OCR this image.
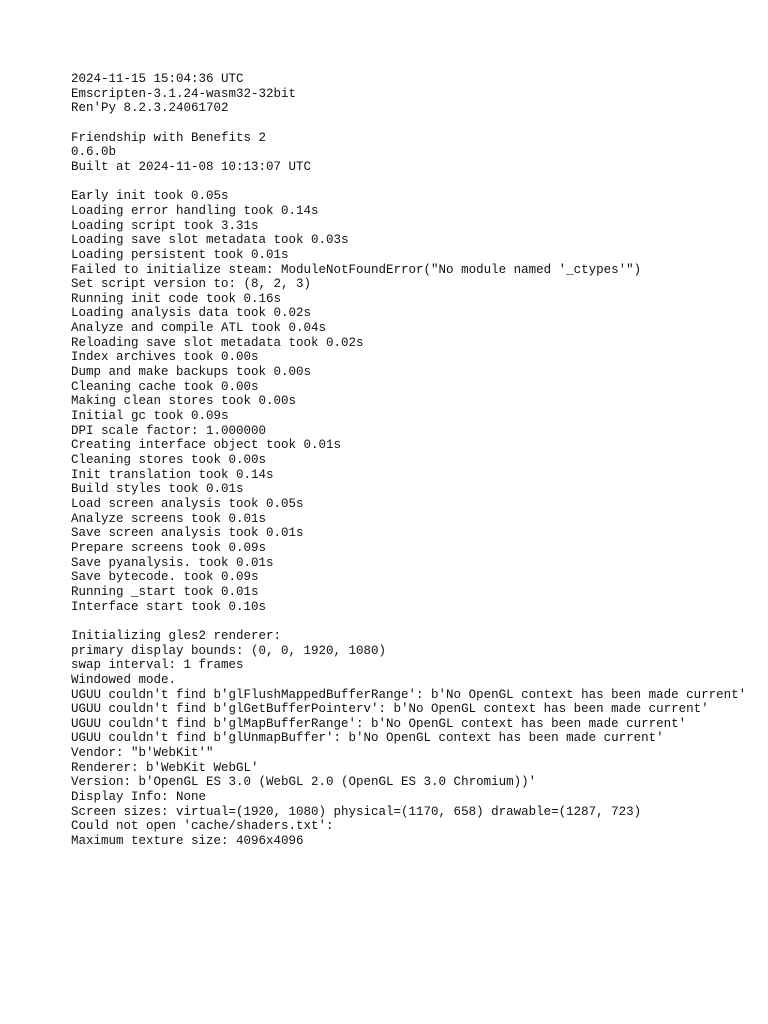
2024-11-15 15:04:36 UTC
Emscripten-3.1.24-wasm32-32bit
Ren'Py 8.2.3.24061702
Friendship with Benefits 2
0.6.0b
Built at 2024-11-08 10:13:07 UTC
Early init took 0.05s
Loading error handling took 0.14s
Loading script took 3.31s
Loading save slot metadata took 0.03s
Loading persistent took 0.01s
Failed to initialize steam: ModuleNotFoundError("No module named '_ctypes'")
Set script version to: (8, 2, 3)
Running init code took 0.16s
Loading analysis data took 0.02s
Analyze and compile ATL took 0.04s
Reloading save slot metadata took 0.02s
Index archives took 0.00s
Dump and make backups took 0.00s
Cleaning cache took 0.00s
Making clean stores took 0.00s
Initial gc took 0.09s
DPI scale factor: 1.000000
Creating interface object took 0.01s
Cleaning stores took 0.00s
Init translation took 0.14s
Build styles took 0.01s
Load screen analysis took 0.05s
Analyze screens took 0.01s
Save screen analysis took 0.01s
Prepare screens took 0.09s
Save pyanalysis. took 0.01s
Save bytecode. took 0.09s
Running _start took 0.01s
Interface start took 0.10s
Initializing gles2 renderer:
primary display bounds: (0, 0, 1920, 1080)
swap interval: 1 frames
Windowed mode.
UGUU couldn't find b'glFlushMappedBufferRange': b'No OpenGL context has been made current'
UGUU couldn't find b'glGetBufferPointerv': b'No OpenGL context has been made current'
UGUU couldn't find b'glMapBufferRange': b'No OpenGL context has been made current'
UGUU couldn't find b'glUnmapBuffer': b'No OpenGL context has been made current'
Vendor: "b'WebKit'"
Renderer: b'WebKit WebGL'
Version: b'OpenGL ES 3.0 (WebGL 2.0 (OpenGL ES 3.0 Chromium))'
Display Info: None
Screen sizes: virtual=(1920, 1080) physical=(1170, 658) drawable=(1287, 723)
Could not open 'cache/shaders.txt':
Maximum texture size: 4096x4096
